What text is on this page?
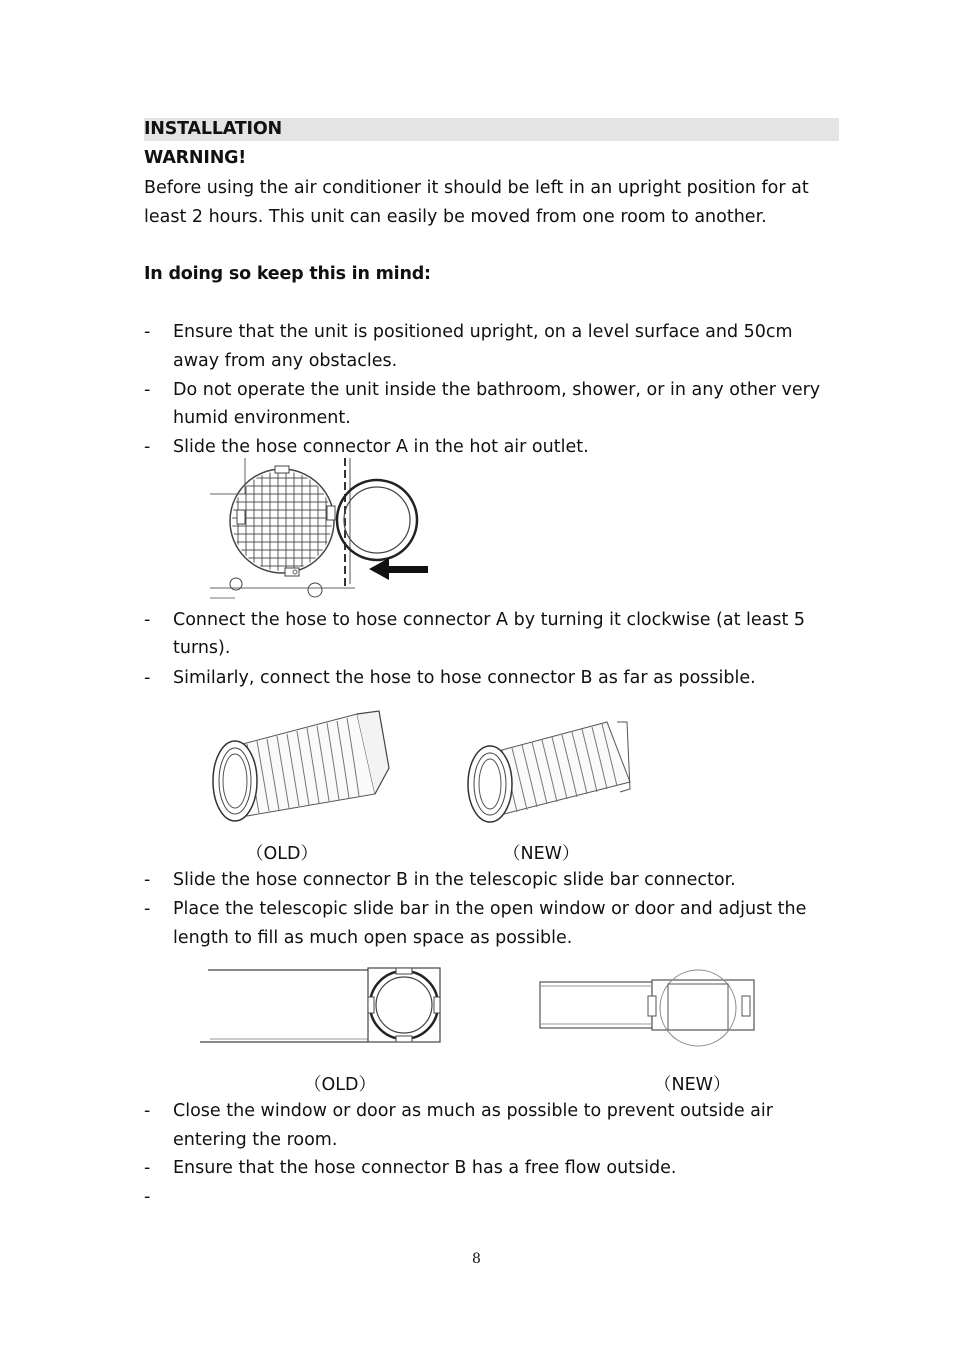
INSTALLATION
WARNING!
Before using the air conditioner it should be left in an upright position for at
least 2 hours. This unit can easily be moved from one room to another.
In doing so keep this in mind:
- Ensure that the unit is positioned upright, on a level surface and 50cm
away from any obstacles.
- Do not operate the unit inside the bathroom, shower, or in any other very
humid environment.
- Slide the hose connector A in the hot air outlet.
- Connect the hose to hose connector A by turning it clockwise (at least 5
turns).
- Similarly, connect the hose to hose connector B as far as possible.
（OLD）	（NEW）
- Slide the hose connector B in the telescopic slide bar connector.
- Place the telescopic slide bar in the open window or door and adjust the
length to fill as much open space as possible.
（OLD）	（NEW）
- Close the window or door as much as possible to prevent outside air
entering the room.
- Ensure that the hose connector B has a free flow outside.
-
8
